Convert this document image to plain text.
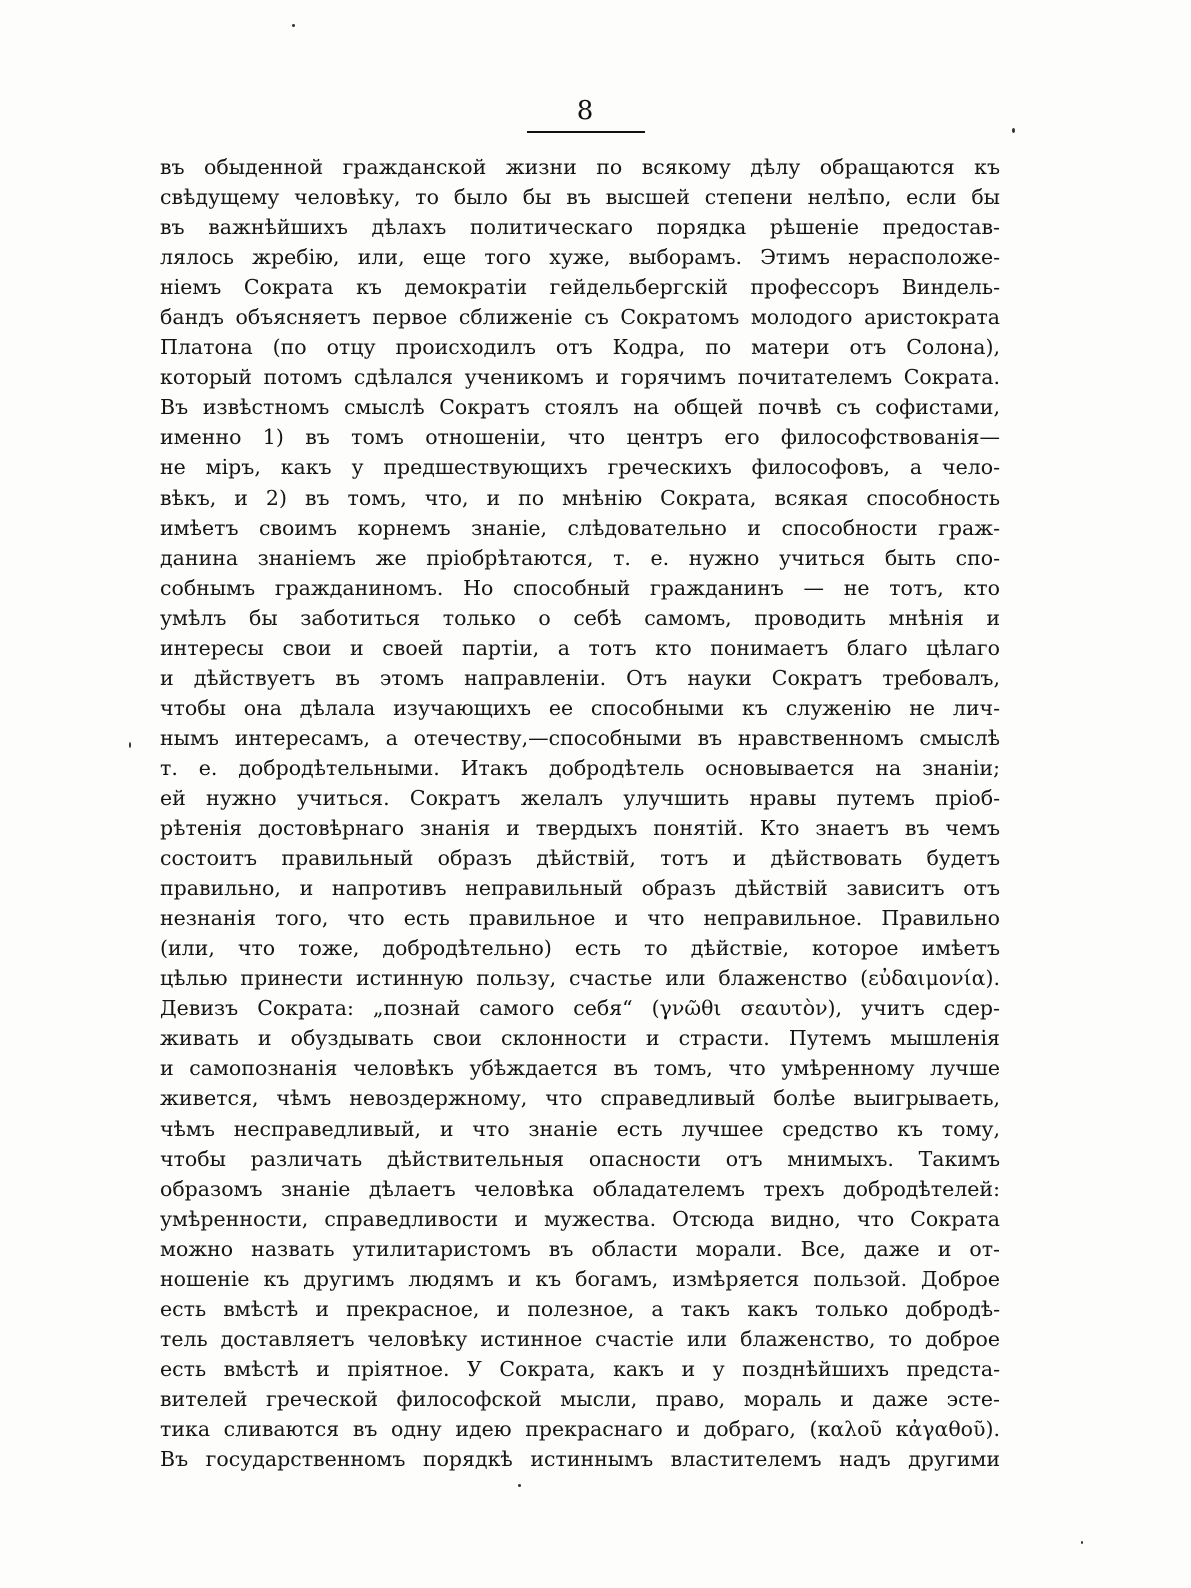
8
въ обыденной гражданской жизни по всякому дѣлу обращаются къ
свѣдущему человѣку, то было бы въ высшей степени нелѣпо, если бы
въ важнѣйшихъ дѣлахъ политическаго порядка рѣшеніе предостав-
лялось жребію, или, еще того хуже, выборамъ. Этимъ нерасположе-
ніемъ Сократа къ демократіи гейдельбергскій профессоръ Виндель-
бандъ объясняетъ первое сближеніе съ Сократомъ молодого аристократа
Платона (по отцу происходилъ отъ Кодра, по матери отъ Солона),
который потомъ сдѣлался ученикомъ и горячимъ почитателемъ Сократа.
Въ извѣстномъ смыслѣ Сократъ стоялъ на общей почвѣ съ софистами,
именно 1) въ томъ отношеніи, что центръ его философствованія—
не міръ, какъ у предшествующихъ греческихъ философовъ, а чело-
вѣкъ, и 2) въ томъ, что, и по мнѣнію Сократа, всякая способность
имѣетъ своимъ корнемъ знаніе, слѣдовательно и способности граж-
данина знаніемъ же пріобрѣтаются, т. е. нужно учиться быть спо-
собнымъ гражданиномъ. Но способный гражданинъ — не тотъ, кто
умѣлъ бы заботиться только о себѣ самомъ, проводить мнѣнія и
интересы свои и своей партіи, а тотъ кто понимаетъ благо цѣлаго
и дѣйствуетъ въ этомъ направленіи. Отъ науки Сократъ требовалъ,
чтобы она дѣлала изучающихъ ее способными къ служенію не лич-
нымъ интересамъ, а отечеству,—способными въ нравственномъ смыслѣ
т. е. добродѣтельными. Итакъ добродѣтель основывается на знаніи;
ей нужно учиться. Сократъ желалъ улучшить нравы путемъ пріоб-
рѣтенія достовѣрнаго знанія и твердыхъ понятій. Кто знаетъ въ чемъ
состоитъ правильный образъ дѣйствій, тотъ и дѣйствовать будетъ
правильно, и напротивъ неправильный образъ дѣйствій зависитъ отъ
незнанія того, что есть правильное и что неправильное. Правильно
(или, что тоже, добродѣтельно) есть то дѣйствіе, которое имѣетъ
цѣлью принести истинную пользу, счастье или блаженство (εὐδαιμονία).
Девизъ Сократа: „познай самого себя“ (γνῶθι σεαυτὸν), учитъ сдер-
живать и обуздывать свои склонности и страсти. Путемъ мышленія
и самопознанія человѣкъ убѣждается въ томъ, что умѣренному лучше
живется, чѣмъ невоздержному, что справедливый болѣе выигрываеть,
чѣмъ несправедливый, и что знаніе есть лучшее средство къ тому,
чтобы различать дѣйствительныя опасности отъ мнимыхъ. Такимъ
образомъ знаніе дѣлаетъ человѣка обладателемъ трехъ добродѣтелей:
умѣренности, справедливости и мужества. Отсюда видно, что Сократа
можно назвать утилитаристомъ въ области морали. Все, даже и от-
ношеніе къ другимъ людямъ и къ богамъ, измѣряется пользой. Доброе
есть вмѣстѣ и прекрасное, и полезное, а такъ какъ только добродѣ-
тель доставляетъ человѣку истинное счастіе или блаженство, то доброе
есть вмѣстѣ и пріятное. У Сократа, какъ и у позднѣйшихъ предста-
вителей греческой философской мысли, право, мораль и даже эсте-
тика сливаются въ одну идею прекраснаго и добраго, (καλοῦ κἀγαθοῦ).
Въ государственномъ порядкѣ истиннымъ властителемъ надъ другими
